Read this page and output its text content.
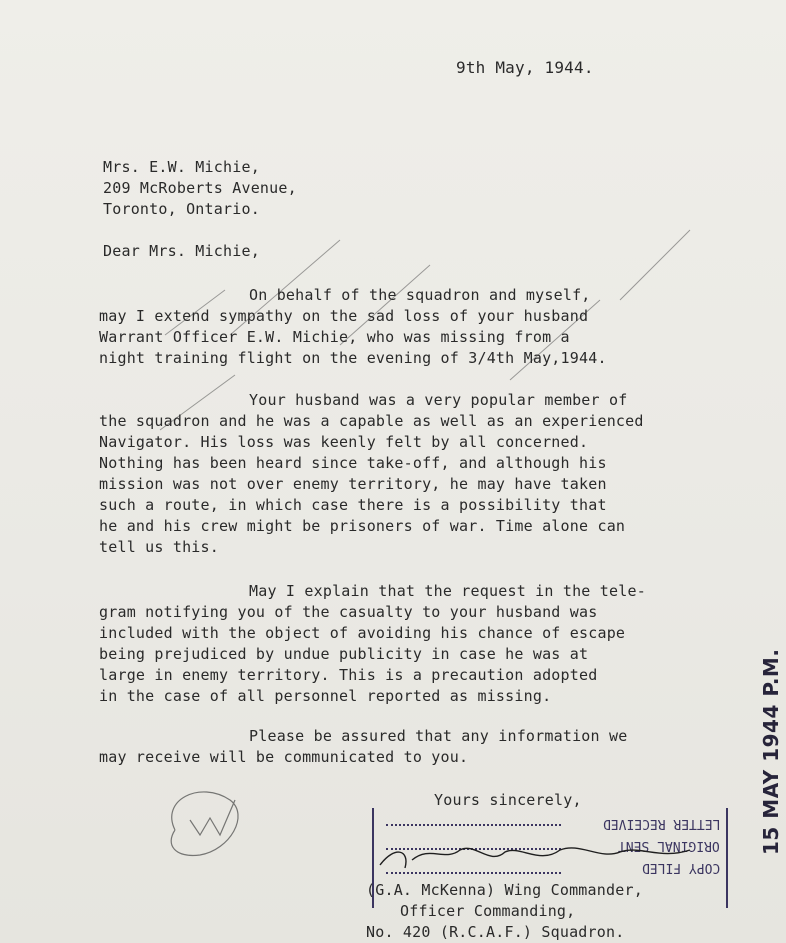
9th May, 1944.
Mrs. E.W. Michie,
209 McRoberts Avenue,
Toronto, Ontario.
Dear Mrs. Michie,
On behalf of the squadron and myself,
may I extend sympathy on the sad loss of your husband
Warrant Officer E.W. Michie, who was missing from a
night training flight on the evening of 3/4th May,1944.
Your husband was a very popular member of
the squadron and he was a capable as well as an experienced
Navigator. His loss was keenly felt by all concerned.
Nothing has been heard since take-off, and although his
mission was not over enemy territory, he may have taken
such a route, in which case there is a possibility that
he and his crew might be prisoners of war. Time alone can
tell us this.
May I explain that the request in the tele-
gram notifying you of the casualty to your husband was
included with the object of avoiding his chance of escape
being prejudiced by undue publicity in case he was at
large in enemy territory. This is a precaution adopted
in the case of all personnel reported as missing.
Please be assured that any information we
may receive will be communicated to you.
Yours sincerely,
LETTER RECEIVED
ORIGINAL SENT
COPY FILED
(G.A. McKenna) Wing Commander,
Officer Commanding,
No. 420 (R.C.A.F.) Squadron.
15 MAY 1944 P.M.
